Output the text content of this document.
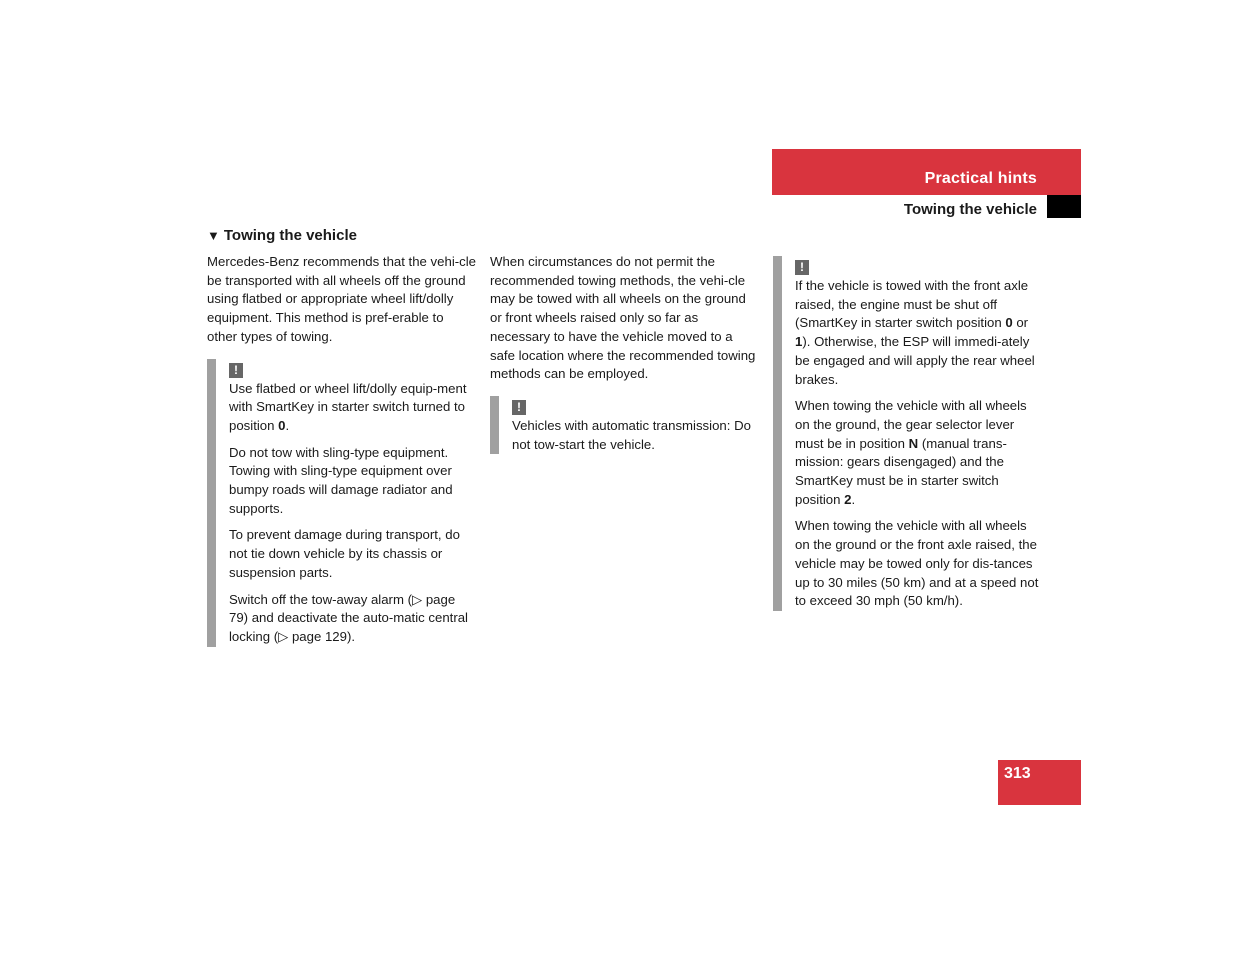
Practical hints
Towing the vehicle
▼ Towing the vehicle

Mercedes-Benz recommends that the vehi-cle be transported with all wheels off the ground using flatbed or appropriate wheel lift/dolly equipment. This method is pref-erable to other types of towing.

!

Use flatbed or wheel lift/dolly equip-ment with SmartKey in starter switch turned to position 0.

Do not tow with sling-type equipment. Towing with sling-type equipment over bumpy roads will damage radiator and supports.

To prevent damage during transport, do not tie down vehicle by its chassis or suspension parts.

Switch off the tow-away alarm (▷ page 79) and deactivate the auto-matic central locking (▷ page 129).

When circumstances do not permit the recommended towing methods, the vehi-cle may be towed with all wheels on the ground or front wheels raised only so far as necessary to have the vehicle moved to a safe location where the recommended towing methods can be employed.

!

Vehicles with automatic transmission: Do not tow-start the vehicle.

!

If the vehicle is towed with the front axle raised, the engine must be shut off (SmartKey in starter switch position 0 or 1). Otherwise, the ESP will immedi-ately be engaged and will apply the rear wheel brakes.

When towing the vehicle with all wheels on the ground, the gear selector lever must be in position N (manual trans-mission: gears disengaged) and the SmartKey must be in starter switch position 2.

When towing the vehicle with all wheels on the ground or the front axle raised, the vehicle may be towed only for dis-tances up to 30 miles (50 km) and at a speed not to exceed 30 mph (50 km/h).

313
